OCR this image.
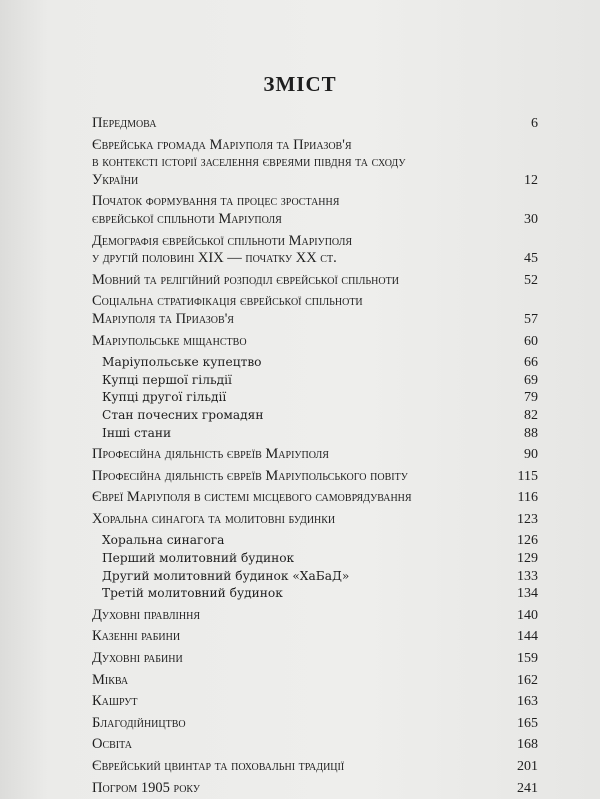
ЗМІСТ
Передмова	6
Єврейська громада Маріуполя та Приазов'я
в контексті історії заселення євреями півдня та сходу
України	12
Початок формування та процес зростання
єврейської спільноти Маріуполя	30
Демографія єврейської спільноти Маріуполя
у другій половині XIX — початку XX ст.	45
Мовний та релігійний розподіл єврейської спільноти	52
Соціальна стратифікація єврейської спільноти
Маріуполя та Приазов'я	57
Маріупольське міщанство	60
Маріупольське купецтво	66
Купці першої гільдії	69
Купці другої гільдії	79
Стан почесних громадян	82
Інші стани	88
Професійна діяльність євреїв Маріуполя	90
Професійна діяльність євреїв Маріупольського повіту	115
Євреї Маріуполя в системі місцевого самоврядування	116
Хоральна синагога та молитовні будинки	123
Хоральна синагога	126
Перший молитовний будинок	129
Другий молитовний будинок «ХаБаД»	133
Третій молитовний будинок	134
Духовні правління	140
Казенні рабини	144
Духовні рабини	159
Міква	162
Кашрут	163
Благодійництво	165
Освіта	168
Єврейський цвинтар та поховальні традиції	201
Погром 1905 року	241
